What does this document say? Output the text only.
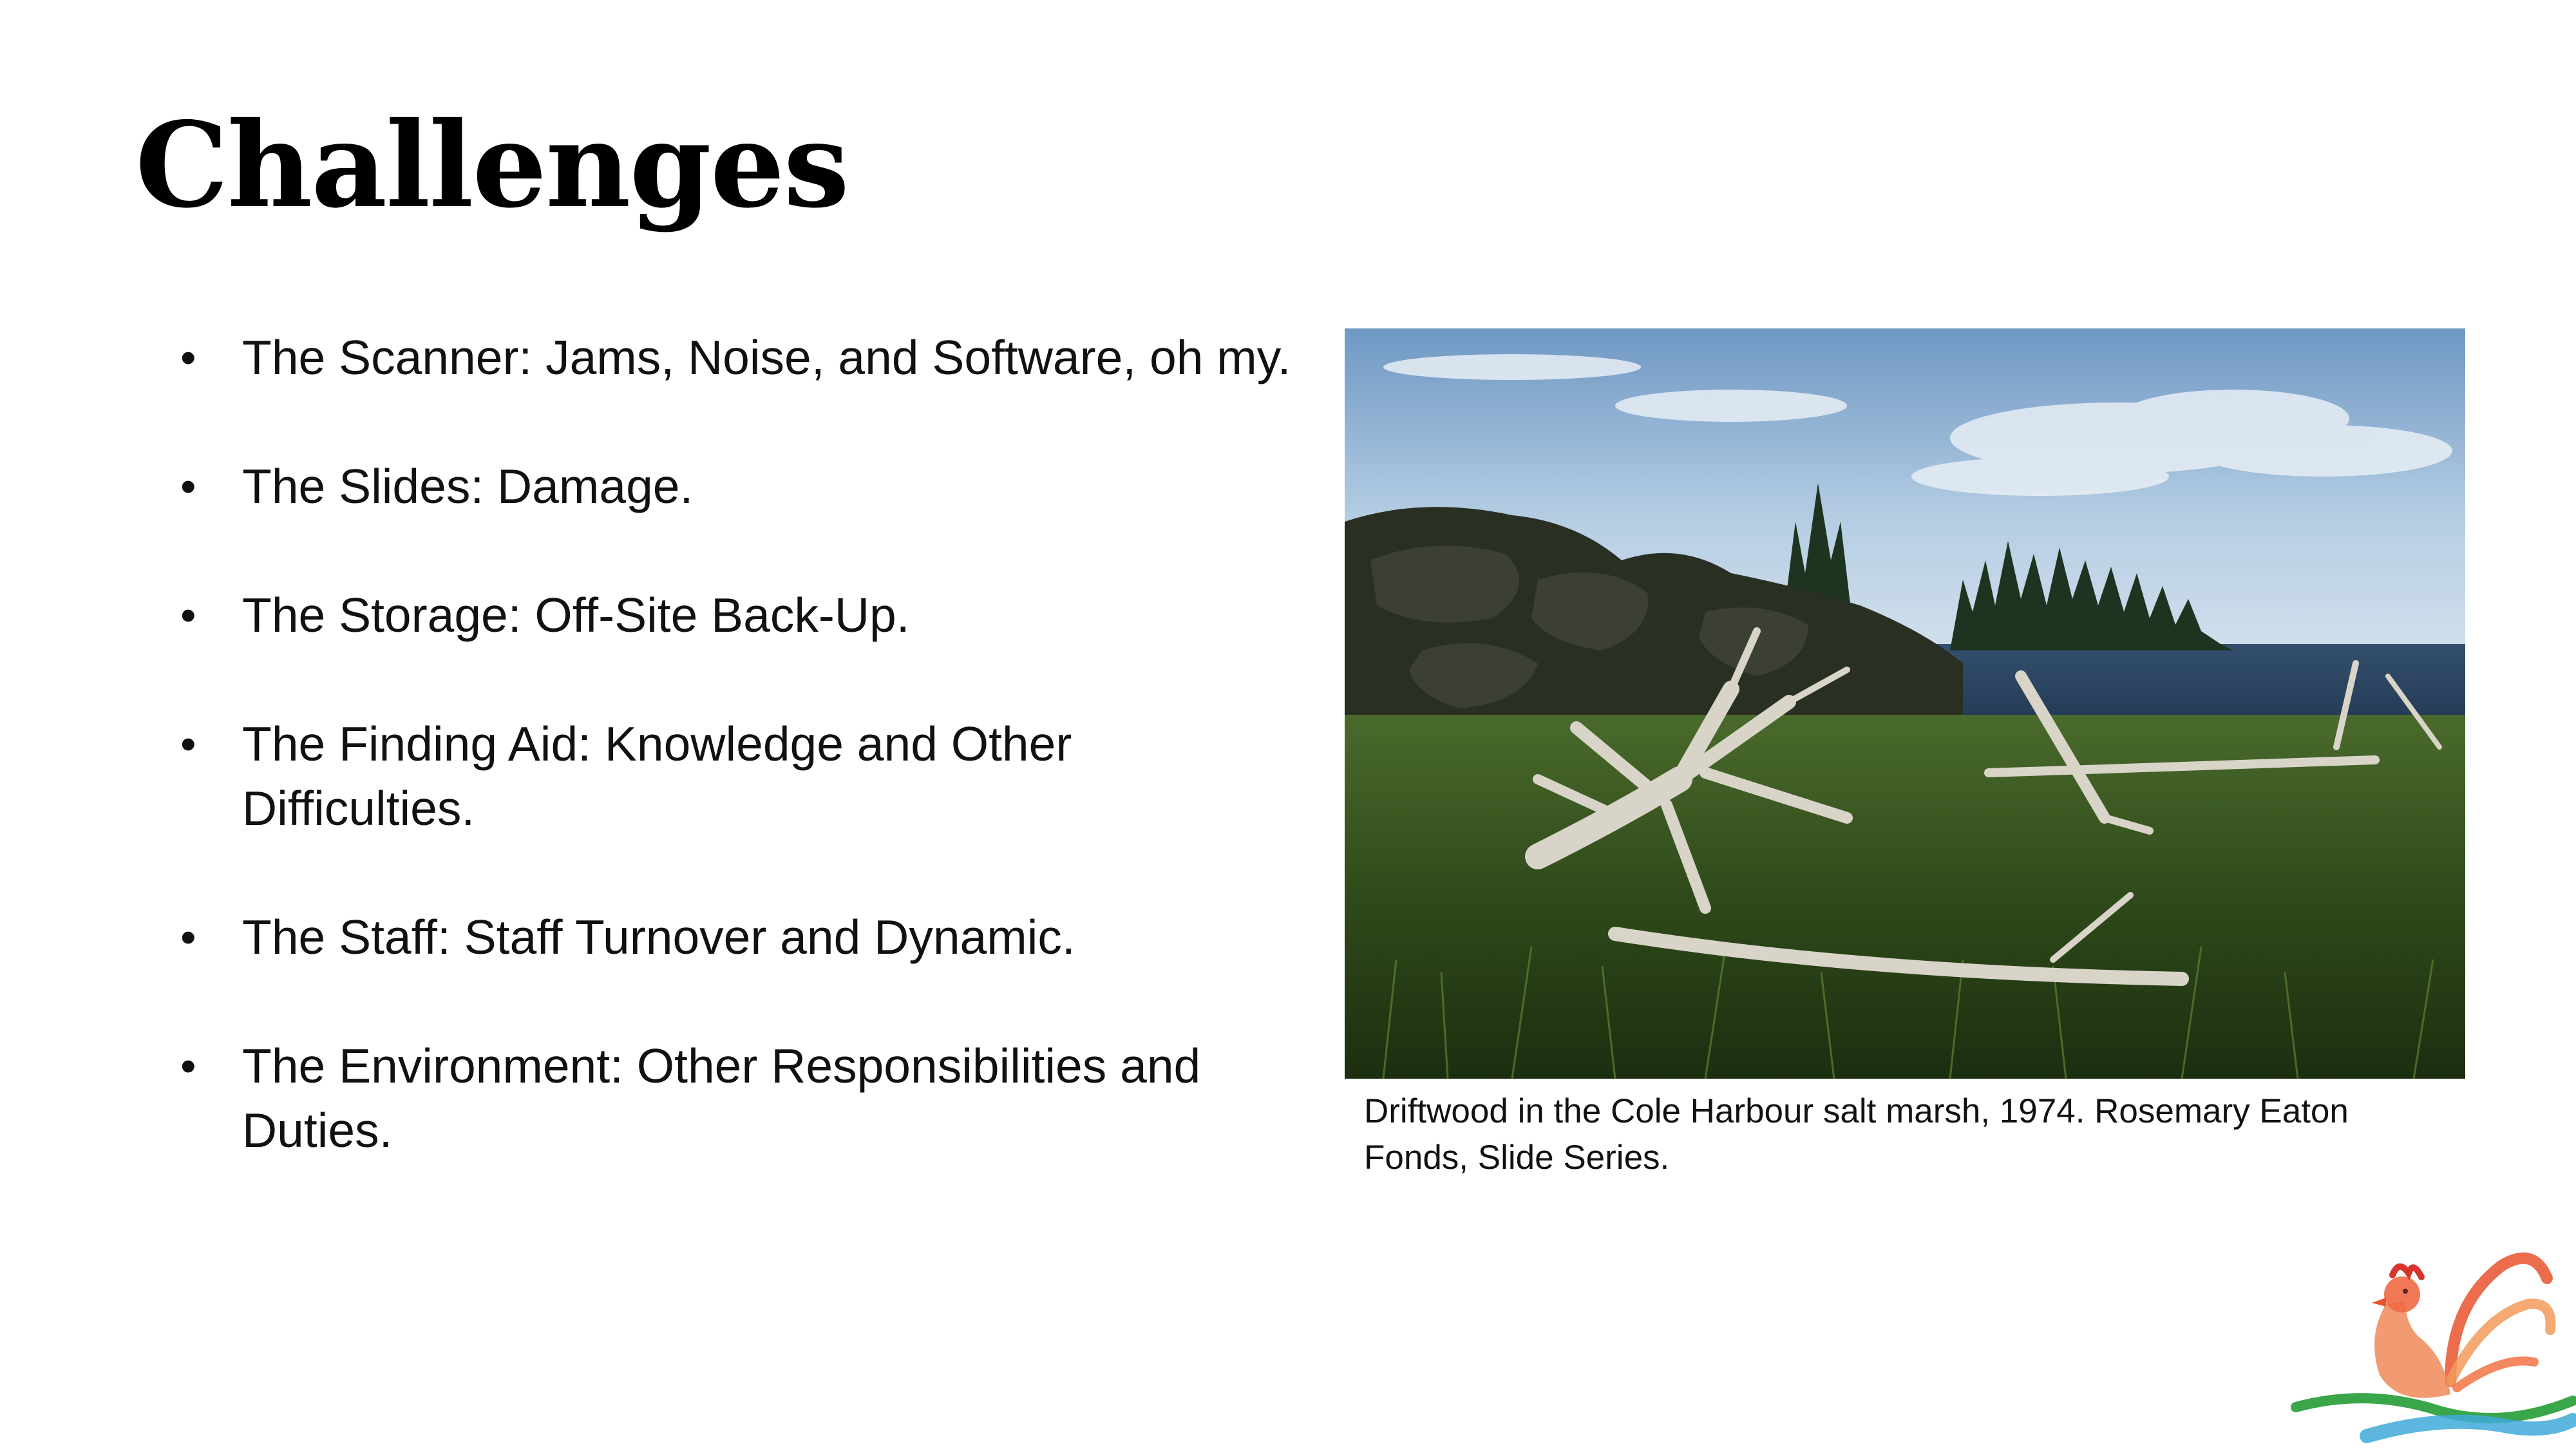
Challenges
• The Scanner: Jams, Noise, and Software, oh my.
• The Slides: Damage.
• The Storage: Off-Site Back-Up.
• The Finding Aid: Knowledge and Other Difficulties.
• The Staff: Staff Turnover and Dynamic.
• The Environment: Other Responsibilities and Duties.	Driftwood in the Cole Harbour salt marsh, 1974. Rosemary Eaton Fonds, Slide Series.
